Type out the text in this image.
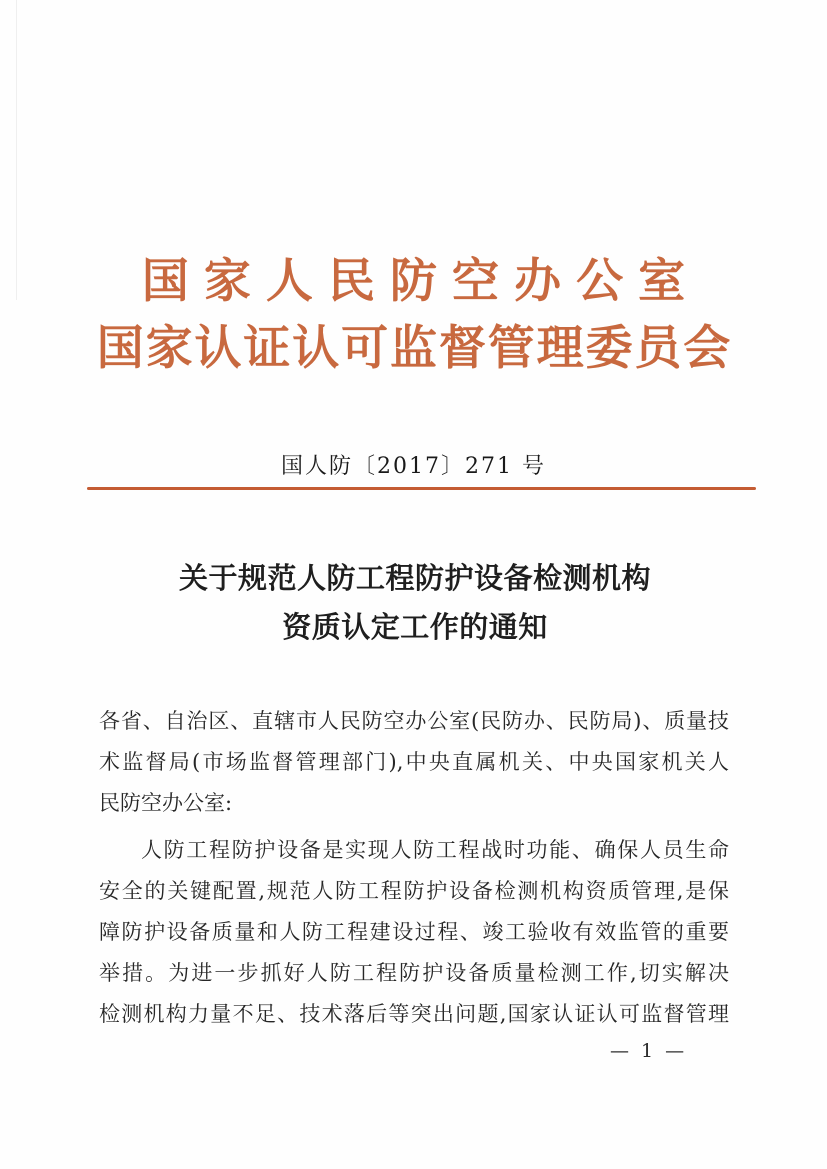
国家人民防空办公室
国家认证认可监督管理委员会
国人防〔2017〕271 号
关于规范人防工程防护设备检测机构
资质认定工作的通知
各省、自治区、直辖市人民防空办公室(民防办、民防局)、质量技
术监督局(市场监督管理部门),中央直属机关、中央国家机关人
民防空办公室:
人防工程防护设备是实现人防工程战时功能、确保人员生命
安全的关键配置,规范人防工程防护设备检测机构资质管理,是保
障防护设备质量和人防工程建设过程、竣工验收有效监管的重要
举措。为进一步抓好人防工程防护设备质量检测工作,切实解决
检测机构力量不足、技术落后等突出问题,国家认证认可监督管理
— 1 —
